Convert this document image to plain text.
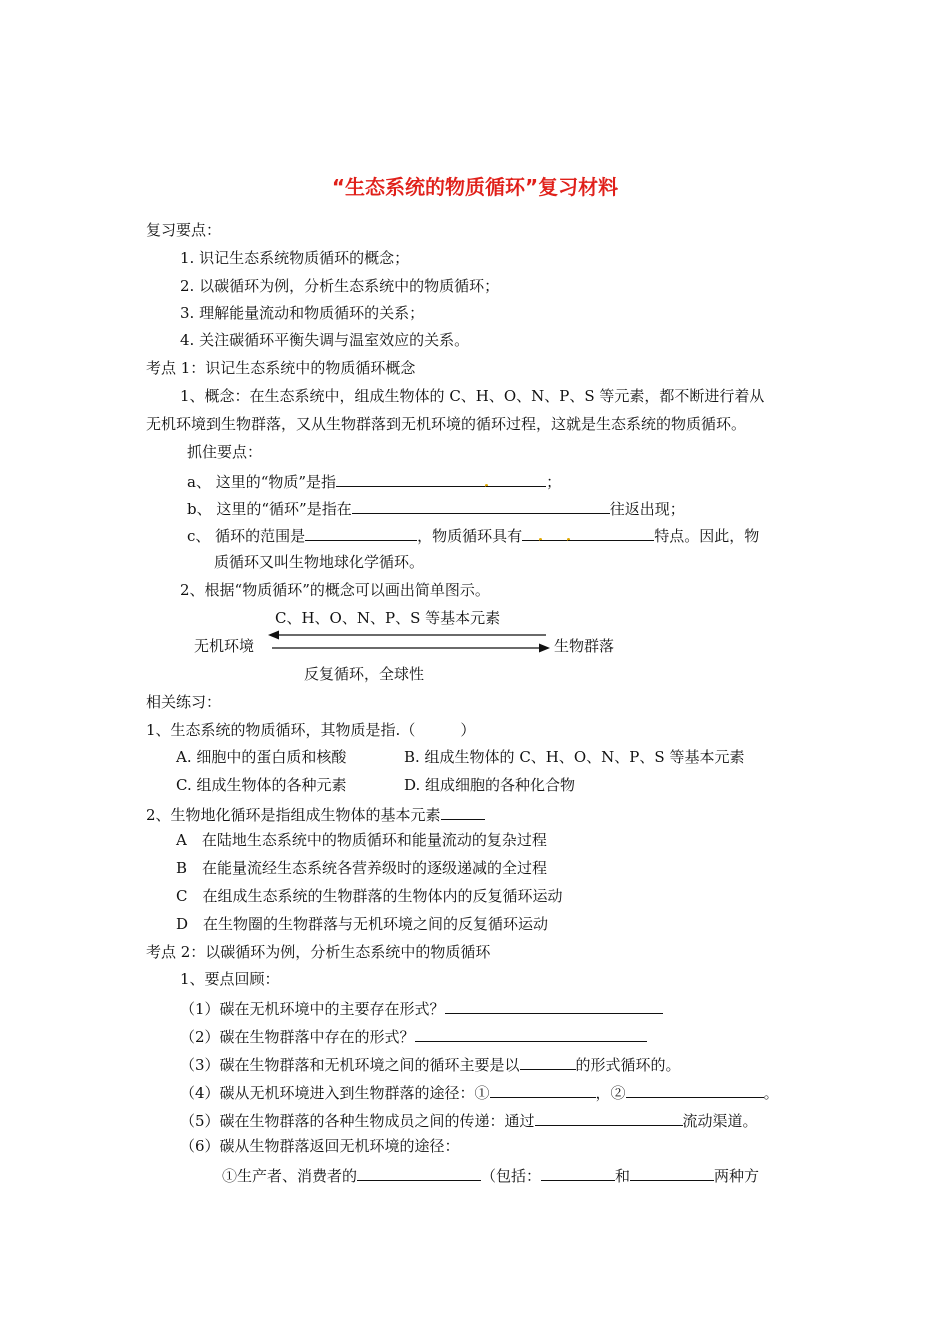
“生态系统的物质循环”复习材料
复习要点：
1. 识记生态系统物质循环的概念；
2. 以碳循环为例，分析生态系统中的物质循环；
3. 理解能量流动和物质循环的关系；
4. 关注碳循环平衡失调与温室效应的关系。
考点 1：识记生态系统中的物质循环概念
1、概念：在生态系统中，组成生物体的 C、H、O、N、P、S 等元素，都不断进行着从
无机环境到生物群落，又从生物群落到无机环境的循环过程，这就是生态系统的物质循环。
抓住要点：
a、 这里的“物质”是指	；
b、 这里的“循环”是指在	往返出现；
c、 循环的范围是	，物质循环具有	特点。因此，物
质循环又叫生物地球化学循环。
2、根据“物质循环”的概念可以画出简单图示。
C、H、O、N、P、S 等基本元素
无机环境	生物群落
反复循环，全球性
相关练习：
1、生态系统的物质循环，其物质是指.（　　　）
A. 细胞中的蛋白质和核酸	B. 组成生物体的 C、H、O、N、P、S 等基本元素
C. 组成生物体的各种元素	D. 组成细胞的各种化合物
2、生物地化循环是指组成生物体的基本元素
A　在陆地生态系统中的物质循环和能量流动的复杂过程
B　在能量流经生态系统各营养级时的逐级递减的全过程
C　在组成生态系统的生物群落的生物体内的反复循环运动
D　在生物圈的生物群落与无机环境之间的反复循环运动
考点 2：以碳循环为例，分析生态系统中的物质循环
1、要点回顾：
（1）碳在无机环境中的主要存在形式？
（2）碳在生物群落中存在的形式？
（3）碳在生物群落和无机环境之间的循环主要是以	的形式循环的。
（4）碳从无机环境进入到生物群落的途径：①	，②	。
（5）碳在生物群落的各种生物成员之间的传递：通过	流动渠道。
（6）碳从生物群落返回无机环境的途径：
①生产者、消费者的	（包括：	和	两种方
